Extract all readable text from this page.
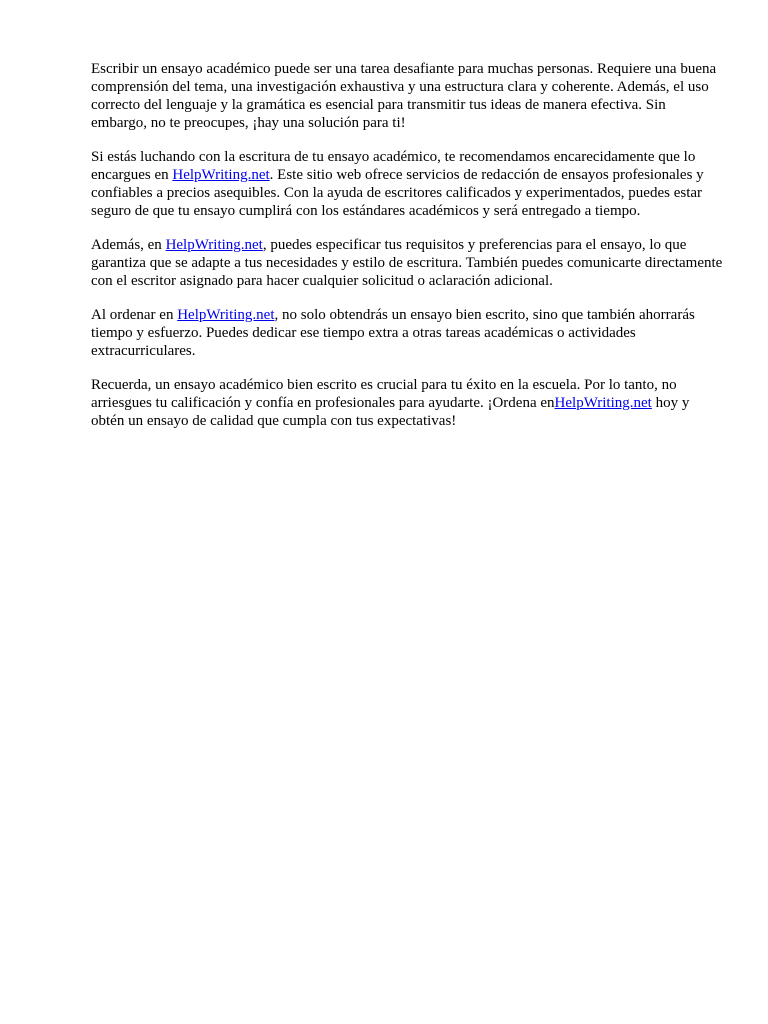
Escribir un ensayo académico puede ser una tarea desafiante para muchas personas. Requiere una buena comprensión del tema, una investigación exhaustiva y una estructura clara y coherente. Además, el uso correcto del lenguaje y la gramática es esencial para transmitir tus ideas de manera efectiva. Sin embargo, no te preocupes, ¡hay una solución para ti!

Si estás luchando con la escritura de tu ensayo académico, te recomendamos encarecidamente que lo encargues en HelpWriting.net. Este sitio web ofrece servicios de redacción de ensayos profesionales y confiables a precios asequibles. Con la ayuda de escritores calificados y experimentados, puedes estar seguro de que tu ensayo cumplirá con los estándares académicos y será entregado a tiempo.

Además, en HelpWriting.net, puedes especificar tus requisitos y preferencias para el ensayo, lo que garantiza que se adapte a tus necesidades y estilo de escritura. También puedes comunicarte directamente con el escritor asignado para hacer cualquier solicitud o aclaración adicional.

Al ordenar en HelpWriting.net, no solo obtendrás un ensayo bien escrito, sino que también ahorrarás tiempo y esfuerzo. Puedes dedicar ese tiempo extra a otras tareas académicas o actividades extracurriculares.

Recuerda, un ensayo académico bien escrito es crucial para tu éxito en la escuela. Por lo tanto, no arriesgues tu calificación y confía en profesionales para ayudarte. ¡Ordena enHelpWriting.net hoy y obtén un ensayo de calidad que cumpla con tus expectativas!
